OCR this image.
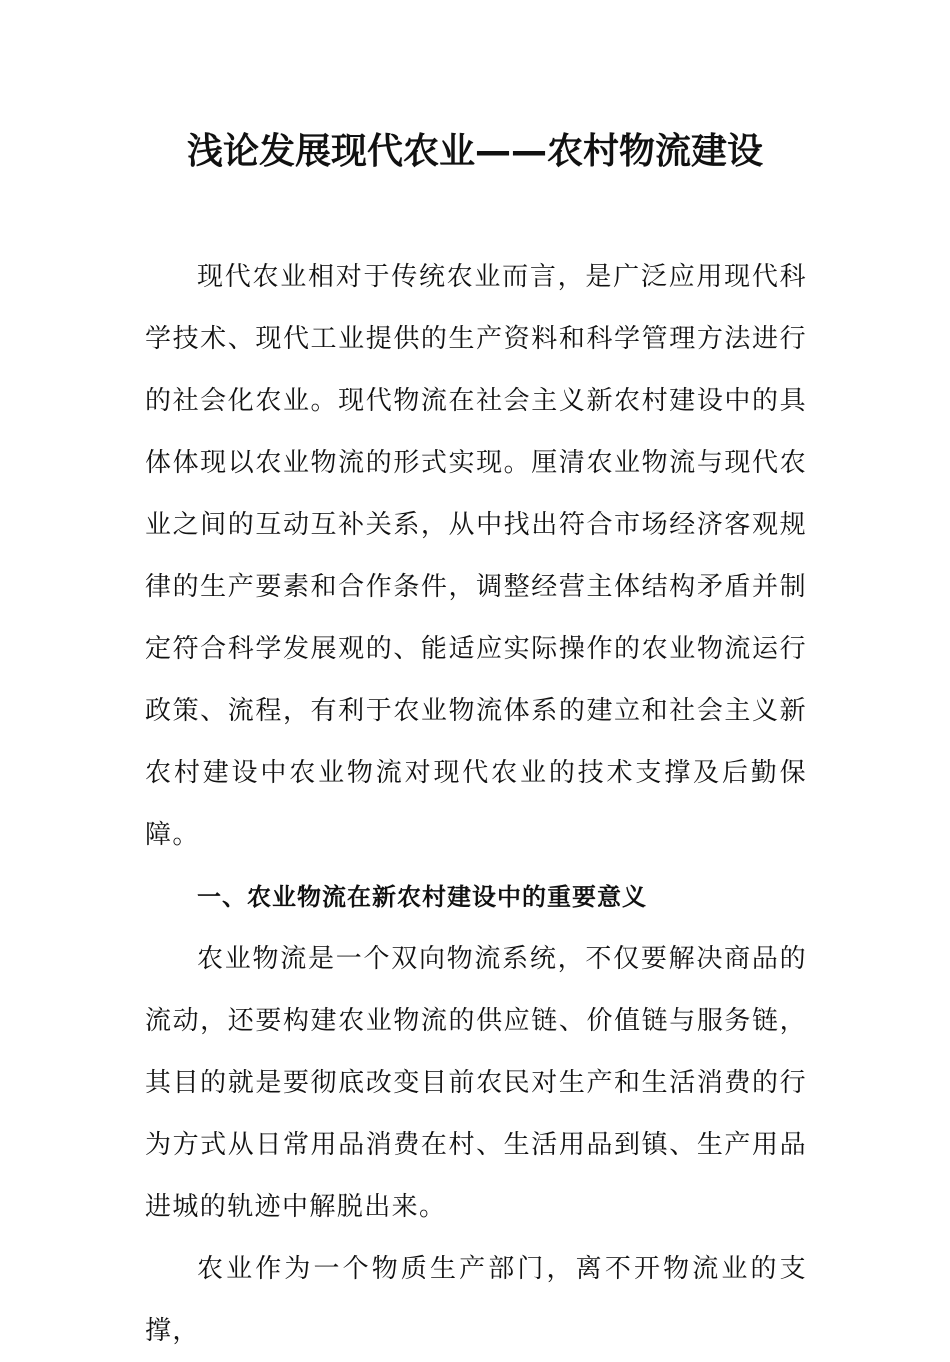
浅论发展现代农业——农村物流建设

现代农业相对于传统农业而言，是广泛应用现代科学技术、现代工业提供的生产资料和科学管理方法进行的社会化农业。现代物流在社会主义新农村建设中的具体体现以农业物流的形式实现。厘清农业物流与现代农业之间的互动互补关系，从中找出符合市场经济客观规律的生产要素和合作条件，调整经营主体结构矛盾并制定符合科学发展观的、能适应实际操作的农业物流运行政策、流程，有利于农业物流体系的建立和社会主义新农村建设中农业物流对现代农业的技术支撑及后勤保障。

一、农业物流在新农村建设中的重要意义

农业物流是一个双向物流系统，不仅要解决商品的流动，还要构建农业物流的供应链、价值链与服务链，其目的就是要彻底改变目前农民对生产和生活消费的行为方式从日常用品消费在村、生活用品到镇、生产用品进城的轨迹中解脱出来。

农业作为一个物质生产部门，离不开物流业的支撑，
